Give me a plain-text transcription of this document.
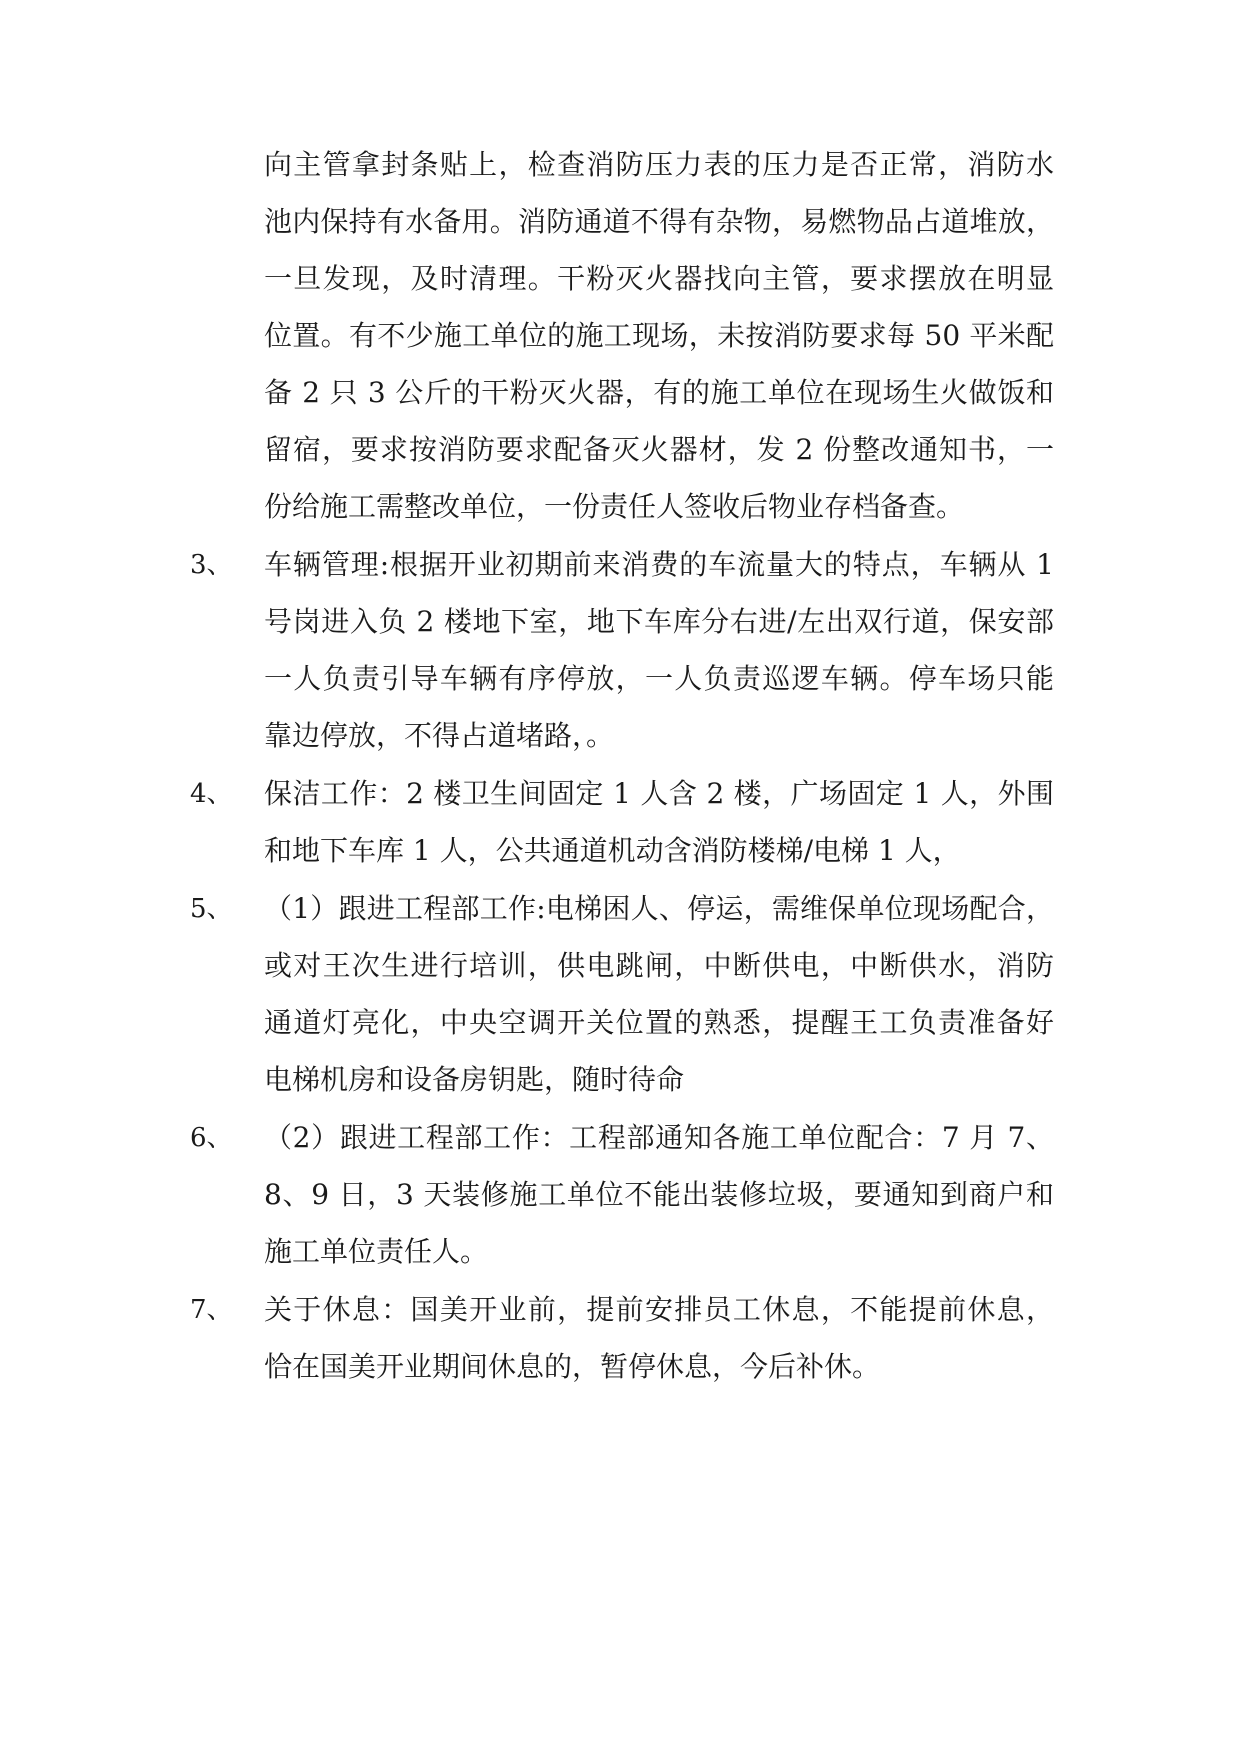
向主管拿封条贴上，检查消防压力表的压力是否正常，消防水
池内保持有水备用。消防通道不得有杂物，易燃物品占道堆放，
一旦发现，及时清理。干粉灭火器找向主管，要求摆放在明显
位置。有不少施工单位的施工现场，未按消防要求每 50 平米配
备 2 只 3 公斤的干粉灭火器，有的施工单位在现场生火做饭和
留宿，要求按消防要求配备灭火器材，发 2 份整改通知书，一
份给施工需整改单位，一份责任人签收后物业存档备查。
3、 车辆管理:根据开业初期前来消费的车流量大的特点，车辆从 1
号岗进入负 2 楼地下室，地下车库分右进/左出双行道，保安部
一人负责引导车辆有序停放，一人负责巡逻车辆。停车场只能
靠边停放，不得占道堵路，。
4、 保洁工作：2 楼卫生间固定 1 人含 2 楼，广场固定 1 人，外围
和地下车库 1 人，公共通道机动含消防楼梯/电梯 1 人，
5、 （1）跟进工程部工作:电梯困人、停运，需维保单位现场配合，
或对王次生进行培训，供电跳闸，中断供电，中断供水，消防
通道灯亮化，中央空调开关位置的熟悉，提醒王工负责准备好
电梯机房和设备房钥匙，随时待命
6、 （2）跟进工程部工作：工程部通知各施工单位配合：7 月 7、
8、9 日，3 天装修施工单位不能出装修垃圾，要通知到商户和
施工单位责任人。
7、 关于休息：国美开业前，提前安排员工休息，不能提前休息，
恰在国美开业期间休息的，暂停休息，今后补休。
